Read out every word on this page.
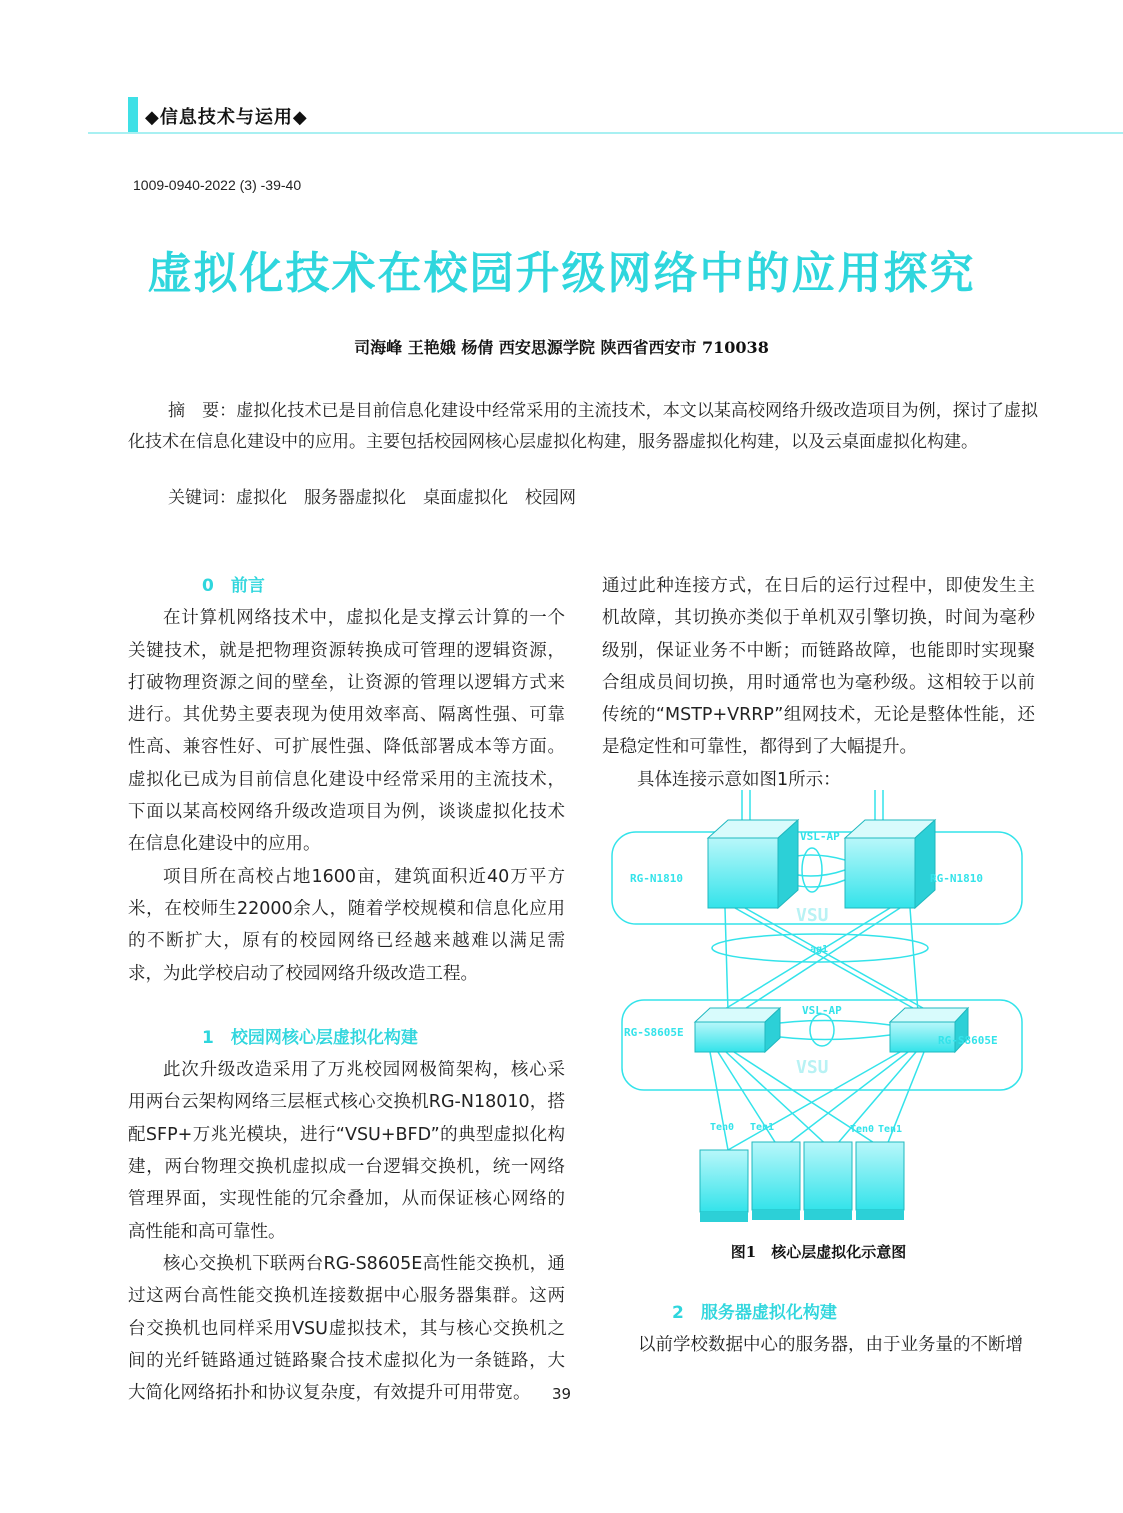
◆信息技术与运用◆
1009-0940-2022 (3) -39-40
虚拟化技术在校园升级网络中的应用探究
司海峰 王艳娥 杨倩 西安思源学院 陕西省西安市 710038
摘　要：虚拟化技术已是目前信息化建设中经常采用的主流技术，本文以某高校网络升级改造项目为例，探讨了虚拟化技术在信息化建设中的应用。主要包括校园网核心层虚拟化构建，服务器虚拟化构建，以及云桌面虚拟化构建。
关键词：虚拟化　服务器虚拟化　桌面虚拟化　校园网

0　前言

在计算机网络技术中，虚拟化是支撑云计算的一个关键技术，就是把物理资源转换成可管理的逻辑资源，打破物理资源之间的壁垒，让资源的管理以逻辑方式来进行。其优势主要表现为使用效率高、隔离性强、可靠性高、兼容性好、可扩展性强、降低部署成本等方面。虚拟化已成为目前信息化建设中经常采用的主流技术，下面以某高校网络升级改造项目为例，谈谈虚拟化技术在信息化建设中的应用。

项目所在高校占地1600亩，建筑面积近40万平方米，在校师生22000余人，随着学校规模和信息化应用的不断扩大，原有的校园网络已经越来越难以满足需求，为此学校启动了校园网络升级改造工程。

1　校园网核心层虚拟化构建

此次升级改造采用了万兆校园网极简架构，核心采用两台云架构网络三层框式核心交换机RG-N18010，搭配SFP+万兆光模块，进行“VSU+BFD”的典型虚拟化构建，两台物理交换机虚拟成一台逻辑交换机，统一网络管理界面，实现性能的冗余叠加，从而保证核心网络的高性能和高可靠性。

核心交换机下联两台RG-S8605E高性能交换机，通过这两台高性能交换机连接数据中心服务器集群。这两台交换机也同样采用VSU虚拟技术，其与核心交换机之间的光纤链路通过链路聚合技术虚拟化为一条链路，大大简化网络拓扑和协议复杂度，有效提升可用带宽。

通过此种连接方式，在日后的运行过程中，即使发生主机故障，其切换亦类似于单机双引擎切换，时间为毫秒级别，保证业务不中断；而链路故障，也能即时实现聚合组成员间切换，用时通常也为毫秒级。这相较于以前传统的“MSTP+VRRP”组网技术，无论是整体性能，还是稳定性和可靠性，都得到了大幅提升。

具体连接示意如图1所示：

RG-N1810	RG-N1810
VSL-AP
VSU
ag1
RG-S8605E
RG-S8605E
VSL-AP
VSU
Ten0 Ten1	Ten0 Ten1
图1　核心层虚拟化示意图

2　服务器虚拟化构建

以前学校数据中心的服务器，由于业务量的不断增

39
